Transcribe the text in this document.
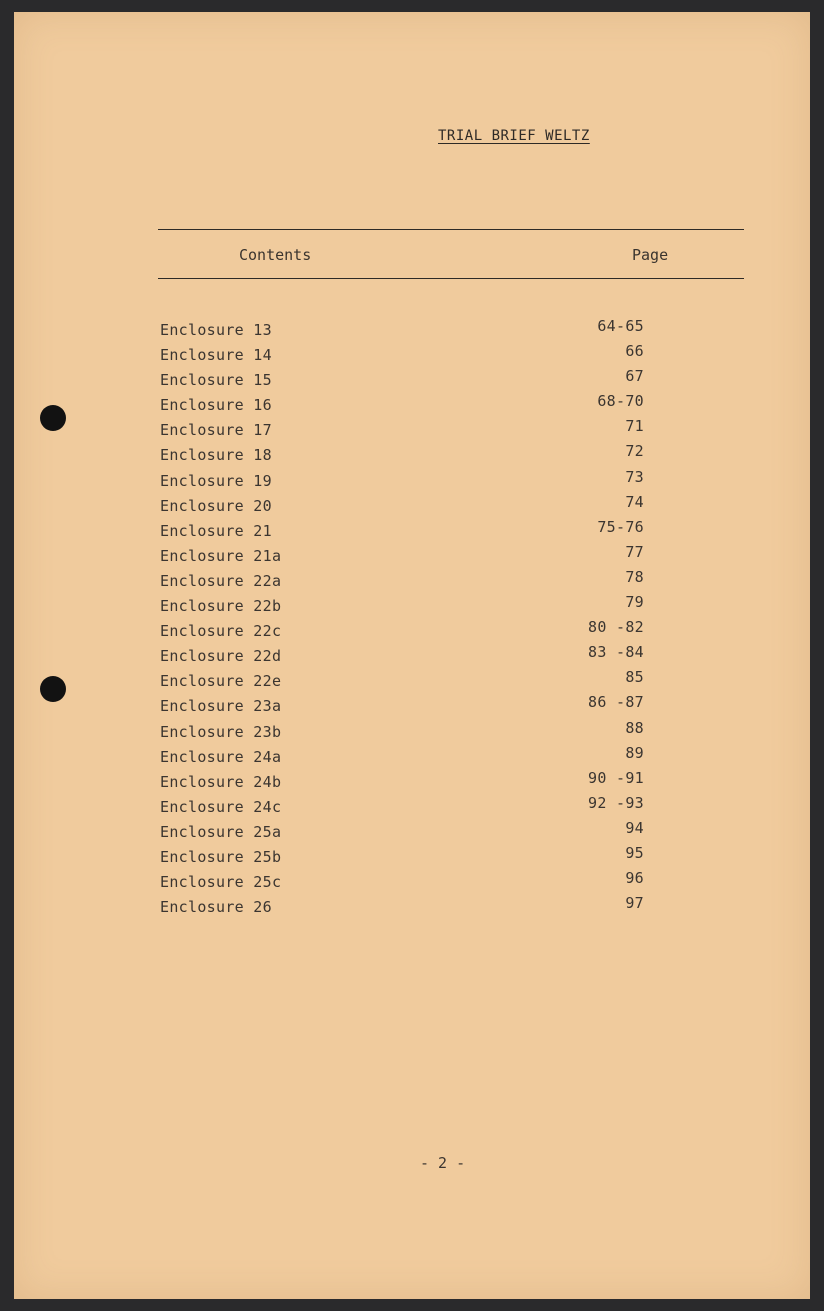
TRIAL BRIEF WELTZ
Contents	Page
Enclosure 13	64-65
Enclosure 14	66
Enclosure 15	67
Enclosure 16	68-70
Enclosure 17	71
Enclosure 18	72
Enclosure 19	73
Enclosure 20	74
Enclosure 21	75-76
Enclosure 21a	77
Enclosure 22a	78
Enclosure 22b	79
Enclosure 22c	80 -82
Enclosure 22d	83 -84
Enclosure 22e	85
Enclosure 23a	86 -87
Enclosure 23b	88
Enclosure 24a	89
Enclosure 24b	90 -91
Enclosure 24c	92 -93
Enclosure 25a	94
Enclosure 25b	95
Enclosure 25c	96
Enclosure 26	97
- 2 -
